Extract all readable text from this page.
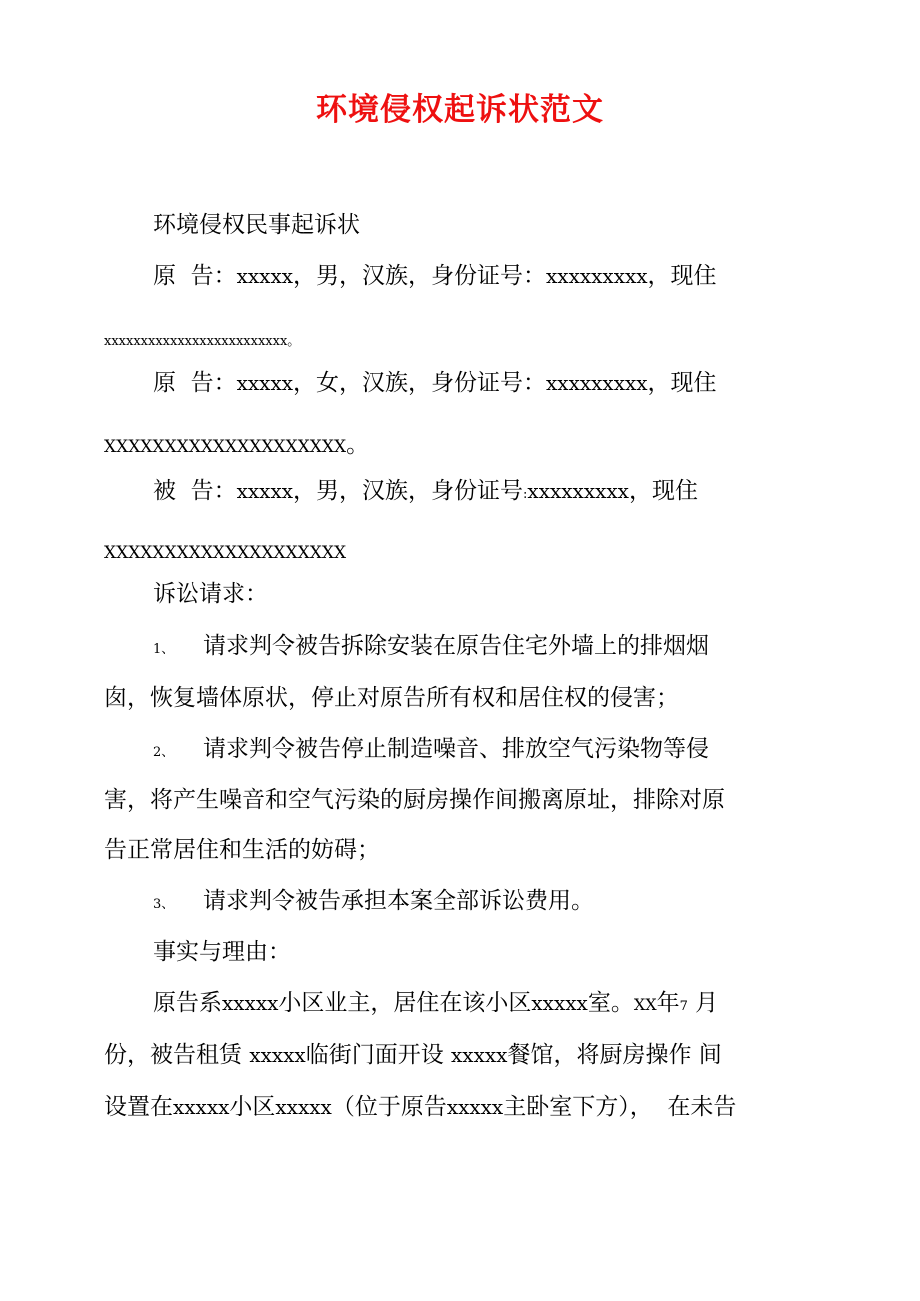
环境侵权起诉状范文
环境侵权民事起诉状
原  告：xxxxx，男，汉族，身份证号：xxxxxxxxx，现住
xxxxxxxxxxxxxxxxxxxxxxxxx。
原  告：xxxxx，女，汉族，身份证号：xxxxxxxxx，现住
XXXXXXXXXXXXXXXXXXXX。
被  告：xxxxx，男，汉族，身份证号:xxxxxxxxx，现住
XXXXXXXXXXXXXXXXXXXX
诉讼请求：
1、 请求判令被告拆除安装在原告住宅外墙上的排烟烟
囱，恢复墙体原状，停止对原告所有权和居住权的侵害；
2、 请求判令被告停止制造噪音、排放空气污染物等侵
害，将产生噪音和空气污染的厨房操作间搬离原址，排除对原
告正常居住和生活的妨碍；
3、 请求判令被告承担本案全部诉讼费用。
事实与理由：
原告系xxxxx小区业主，居住在该小区xxxxx室。XX年7 月
份，被告租赁 xxxxx临街门面开设 xxxxx餐馆，将厨房操作 间
设置在xxxxx小区xxxxx（位于原告xxxxx主卧室下方），  在未告
